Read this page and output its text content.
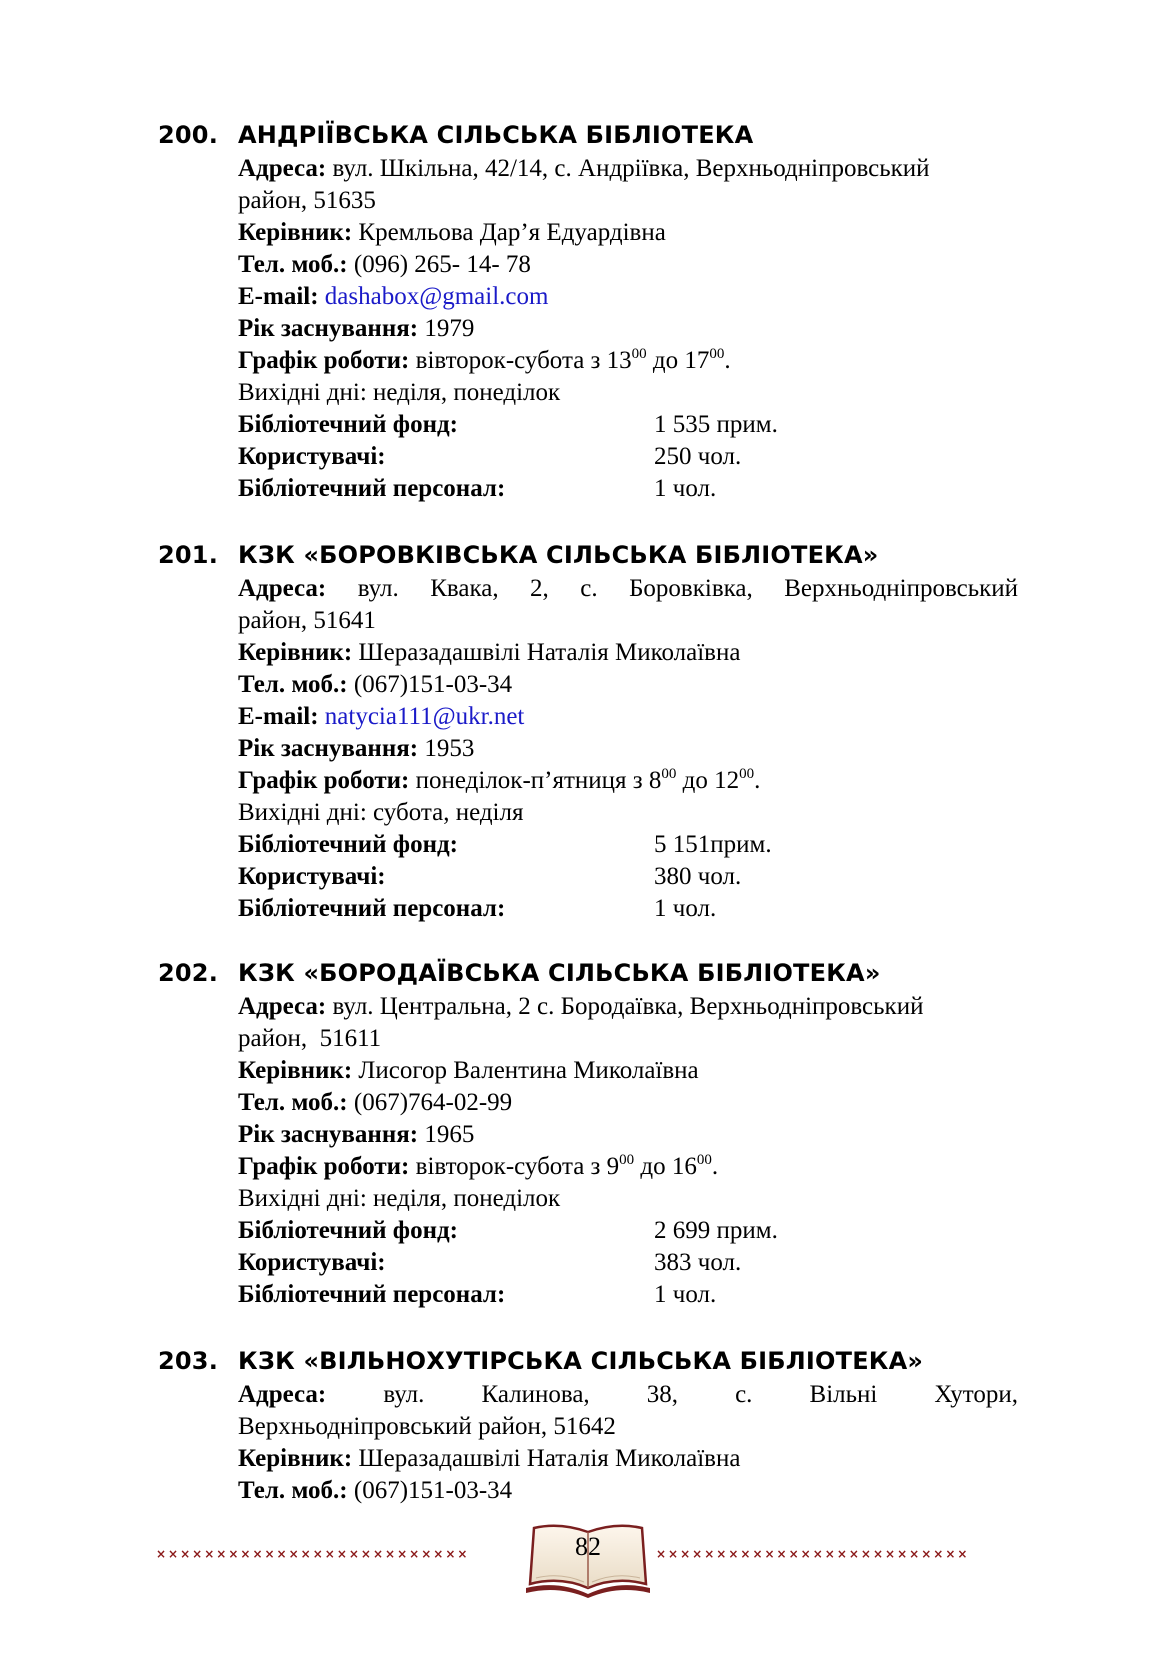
200. АНДРІЇВСЬКА СІЛЬСЬКА БІБЛІОТЕКА
Адреса: вул. Шкільна, 42/14, с. Андріївка, Верхньодніпровський
район, 51635
Керівник: Кремльова Дар’я Едуардівна
Тел. моб.: (096) 265- 14- 78
E-mail: dashabox@gmail.com
Рік заснування: 1979
Графік роботи: вівторок-субота з $13^{00}$ до $17^{00}$.
Вихідні дні: неділя, понеділок
Бібліотечний фонд:	1 535 прим.
Користувачі:	250 чол.
Бібліотечний персонал:	1 чол.
201. КЗК «БОРОВКІВСЬКА СІЛЬСЬКА БІБЛІОТЕКА»
Адреса: вул. Квака, 2, с. Боровківка, Верхньодніпровський
район, 51641
Керівник: Шеразадашвілі Наталія Миколаївна
Тел. моб.: (067)151-03-34
E-mail: natycia111@ukr.net
Рік заснування: 1953
Графік роботи: понеділок-п’ятниця з $8^{00}$ до $12^{00}$.
Вихідні дні: субота, неділя
Бібліотечний фонд:	5 151прим.
Користувачі:	380 чол.
Бібліотечний персонал:	1 чол.
202. КЗК «БОРОДАЇВСЬКА СІЛЬСЬКА БІБЛІОТЕКА»
Адреса: вул. Центральна, 2 с. Бородаївка, Верхньодніпровський
район,  51611
Керівник: Лисогор Валентина Миколаївна
Тел. моб.: (067)764-02-99
Рік заснування: 1965
Графік роботи: вівторок-субота з $9^{00}$ до $16^{00}$.
Вихідні дні: неділя, понеділок
Бібліотечний фонд:	2 699 прим.
Користувачі:	383 чол.
Бібліотечний персонал:	1 чол.
203. КЗК «ВІЛЬНОХУТІРСЬКА СІЛЬСЬКА БІБЛІОТЕКА»
Адреса: вул. Калинова, 38, с. Вільні Хутори,
Верхньодніпровський район, 51642
Керівник: Шеразадашвілі Наталія Миколаївна
Тел. моб.: (067)151-03-34
××××××××××××××××××××××××××	82	××××××××××××××××××××××××××
